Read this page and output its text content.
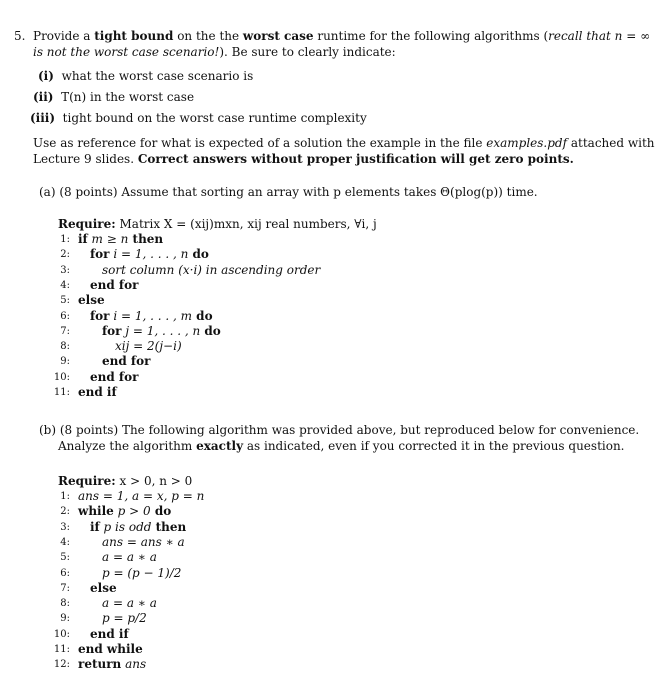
5. Provide a tight bound on the the worst case runtime for the following algorithms (recall that n = ∞
is not the worst case scenario!). Be sure to clearly indicate:
(i) what the worst case scenario is
(ii) T(n) in the worst case
(iii) tight bound on the worst case runtime complexity
Use as reference for what is expected of a solution the example in the file examples.pdf attached with
Lecture 9 slides. Correct answers without proper justification will get zero points.
(a) (8 points) Assume that sorting an array with p elements takes Θ(plog(p)) time.
Require: Matrix X = (xij)mxn, xij real numbers, ∀i, j
1: if m ≥ n then
2: for i = 1, . . . , n do
3:	sort column (x·i) in ascending order
4: end for
5: else
6: for i = 1, . . . , m do
7:	for j = 1, . . . , n do
8:	xij = 2(j−i)
9:	end for
10: end for
11: end if
(b) (8 points) The following algorithm was provided above, but reproduced below for convenience.
Analyze the algorithm exactly as indicated, even if you corrected it in the previous question.
Require: x > 0, n > 0
1: ans = 1, a = x, p = n
2: while p > 0 do
3: if p is odd then
4:	ans = ans ∗ a
5:	a = a ∗ a
6:	p = (p − 1)/2
7: else
8:	a = a ∗ a
9:	p = p/2
10: end if
11: end while
12: return ans
